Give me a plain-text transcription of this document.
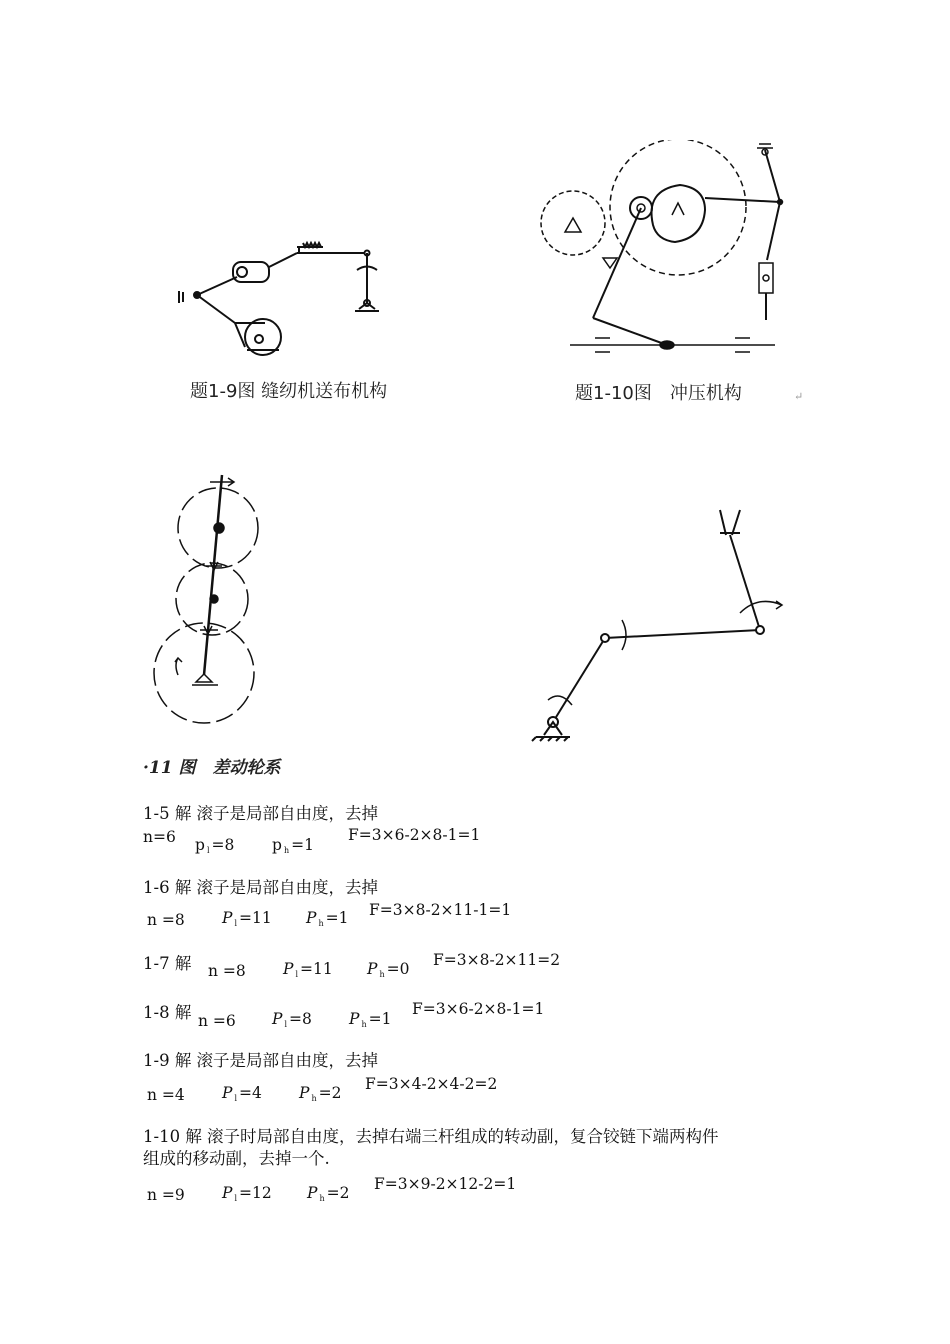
题1-9图 缝纫机送布机构	题1-10图　冲压机构	↵
·11 图　差动轮系
1-5 解 滚子是局部自由度，去掉
n=6 p $_l$ =8 p $_h$ =1
F=3×6-2×8-1=1
1-6 解 滚子是局部自由度，去掉
n =8 P $_l$ =11 P $_h$ =1 F=3×8-2×11-1=1
1-7 解 n =8 P $_l$ =11 P $_h$ =0 F=3×8-2×11=2
1-8 解 n =6 P $_l$ =8 P $_h$ =1
F=3×6-2×8-1=1
1-9 解 滚子是局部自由度，去掉
n =4 P $_l$ =4 P $_h$ =2 F=3×4-2×4-2=2
1-10 解 滚子时局部自由度，去掉右端三杆组成的转动副，复合铰链下端两构件
组成的移动副，去掉一个.
n =9 P $_l$ =12 P $_h$ =2 F=3×9-2×12-2=1
